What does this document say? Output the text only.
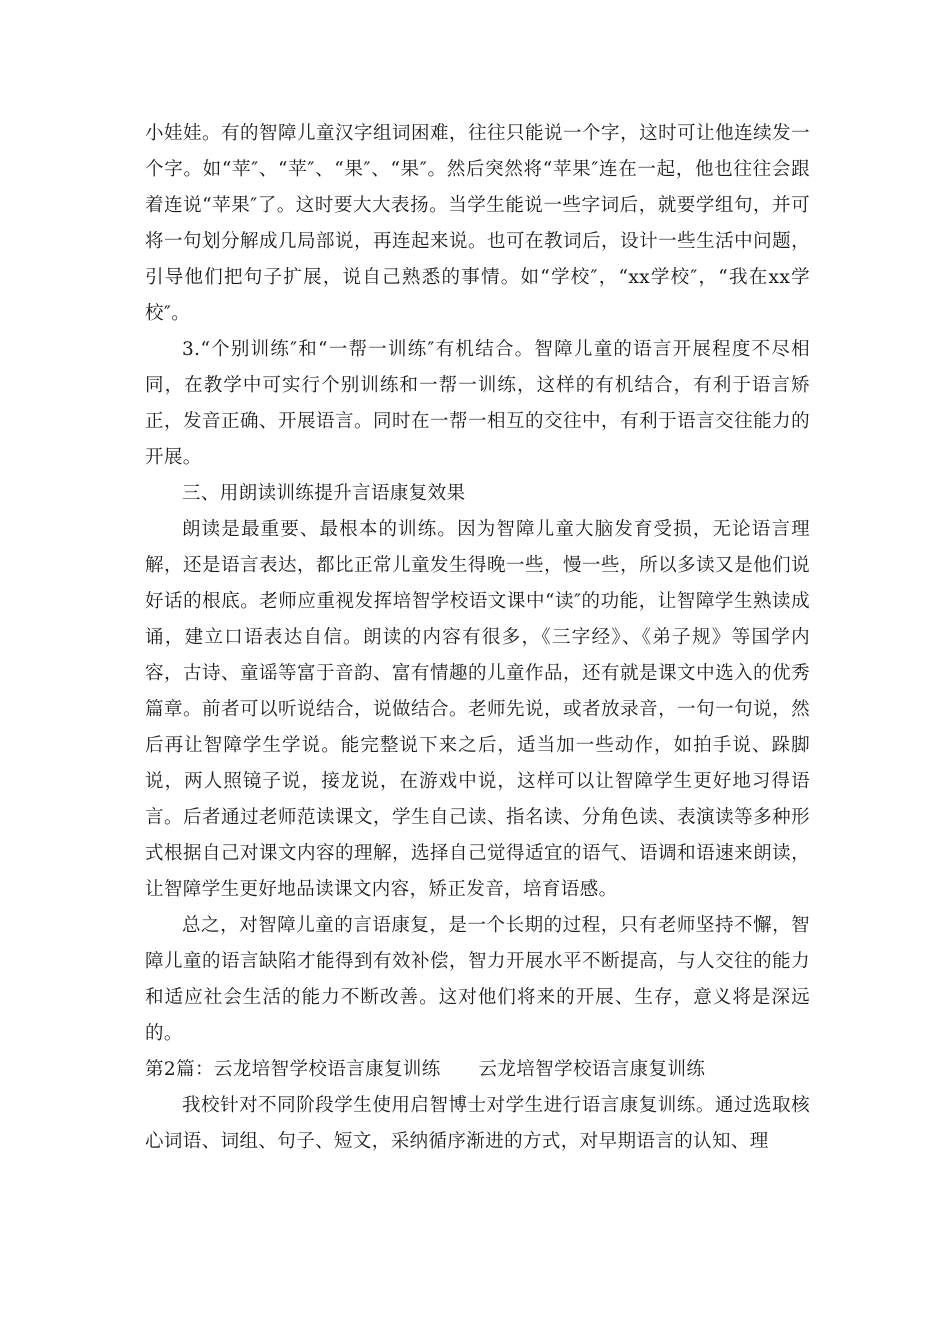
小娃娃。有的智障儿童汉字组词困难，往往只能说一个字，这时可让他连续发一个字。如“苹″、“苹″、“果″、“果″。然后突然将“苹果″连在一起，他也往往会跟着连说“苹果″了。这时要大大表扬。当学生能说一些字词后，就要学组句，并可将一句划分解成几局部说，再连起来说。也可在教词后，设计一些生活中问题，引导他们把句子扩展，说自己熟悉的事情。如“学校″，“xx学校″，“我在xx学校″。

3.“个别训练″和“一帮一训练″有机结合。智障儿童的语言开展程度不尽相同，在教学中可实行个别训练和一帮一训练，这样的有机结合，有利于语言矫正，发音正确、开展语言。同时在一帮一相互的交往中，有利于语言交往能力的开展。

三、用朗读训练提升言语康复效果

朗读是最重要、最根本的训练。因为智障儿童大脑发育受损，无论语言理解，还是语言表达，都比正常儿童发生得晚一些，慢一些，所以多读又是他们说好话的根底。老师应重视发挥培智学校语文课中“读″的功能，让智障学生熟读成诵，建立口语表达自信。朗读的内容有很多，《三字经》、《弟子规》等国学内容，古诗、童谣等富于音韵、富有情趣的儿童作品，还有就是课文中选入的优秀篇章。前者可以听说结合，说做结合。老师先说，或者放录音，一句一句说，然后再让智障学生学说。能完整说下来之后，适当加一些动作，如拍手说、跺脚说，两人照镜子说，接龙说，在游戏中说，这样可以让智障学生更好地习得语言。后者通过老师范读课文，学生自己读、指名读、分角色读、表演读等多种形式根据自己对课文内容的理解，选择自己觉得适宜的语气、语调和语速来朗读，让智障学生更好地品读课文内容，矫正发音，培育语感。

总之，对智障儿童的言语康复，是一个长期的过程，只有老师坚持不懈，智障儿童的语言缺陷才能得到有效补偿，智力开展水平不断提高，与人交往的能力和适应社会生活的能力不断改善。这对他们将来的开展、生存，意义将是深远的。

第2篇：云龙培智学校语言康复训练　　云龙培智学校语言康复训练

我校针对不同阶段学生使用启智博士对学生进行语言康复训练。通过选取核心词语、词组、句子、短文，采纳循序渐进的方式，对早期语言的认知、理
